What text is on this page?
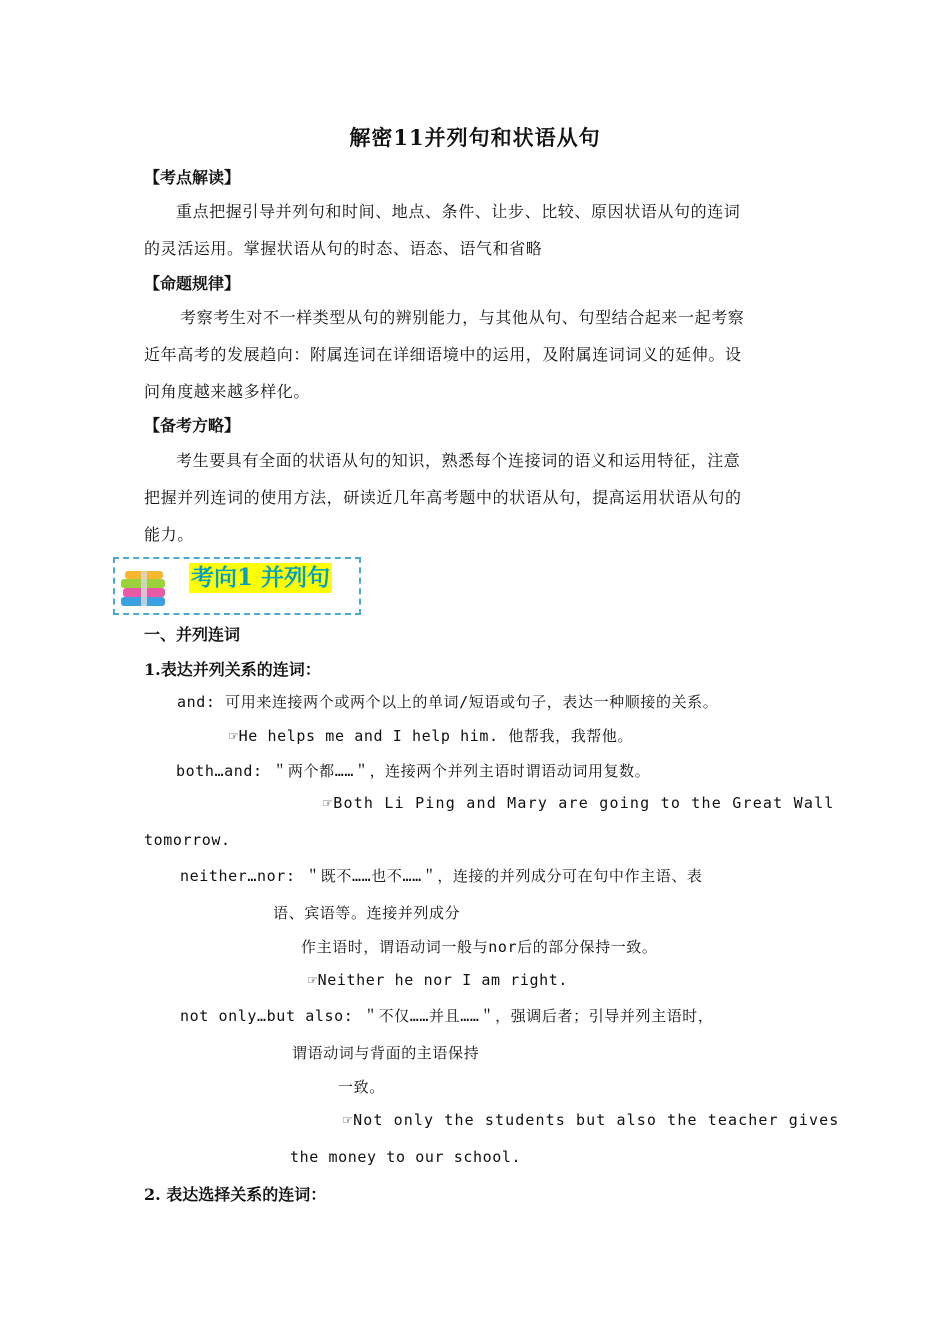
解密11并列句和状语从句
【考点解读】
重点把握引导并列句和时间、地点、条件、让步、比较、原因状语从句的连词
的灵活运用。掌握状语从句的时态、语态、语气和省略
【命题规律】
考察考生对不一样类型从句的辨别能力，与其他从句、句型结合起来一起考察
近年高考的发展趋向：附属连词在详细语境中的运用，及附属连词词义的延伸。设
问角度越来越多样化。
【备考方略】
考生要具有全面的状语从句的知识，熟悉每个连接词的语义和运用特征，注意
把握并列连词的使用方法，研读近几年高考题中的状语从句，提高运用状语从句的
能力。
考向1 并列句
一、并列连词
1.表达并列关系的连词：
and: 可用来连接两个或两个以上的单词/短语或句子，表达一种顺接的关系。
☞He helps me and I help him. 他帮我，我帮他。
both…and: ＂两个都……＂，连接两个并列主语时谓语动词用复数。
☞Both Li Ping and Mary are going to the Great Wall
tomorrow.
neither…nor: ＂既不……也不……＂，连接的并列成分可在句中作主语、表
语、宾语等。连接并列成分
作主语时，谓语动词一般与nor后的部分保持一致。
☞Neither he nor I am right.
not only…but also: ＂不仅……并且……＂，强调后者；引导并列主语时，
谓语动词与背面的主语保持
一致。
☞Not only the students but also the teacher gives
the money to our school.
2. 表达选择关系的连词：
